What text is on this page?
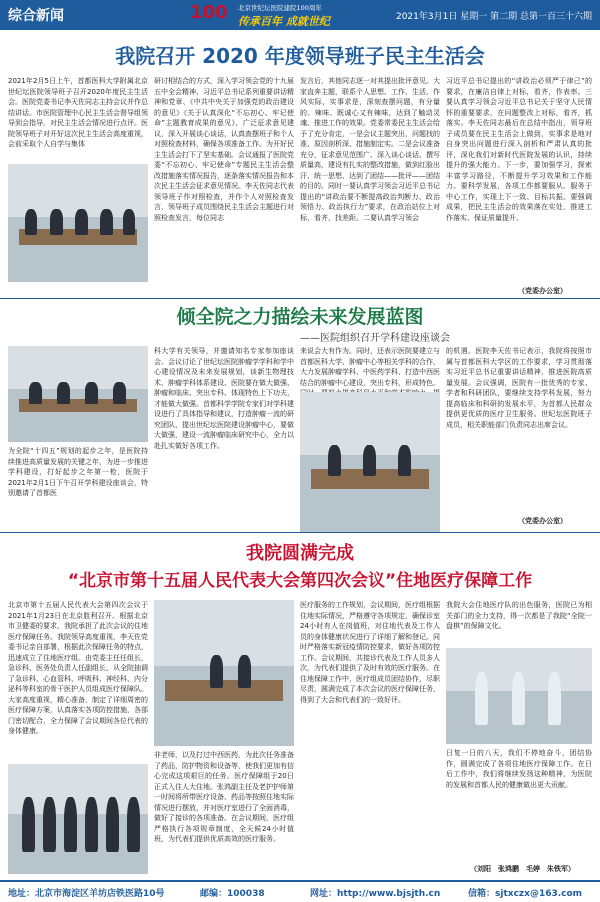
综合新闻	100	北京世纪坛医院建院100周年
传承百年 成就世纪	2021年3月1日 星期一 第二期 总第一百三十六期
我院召开 2020 年度领导班子民主生活会
2021年2月5日上午，首都医科大学附属北京世纪坛医院领导班子召开2020年度民主生活会。医院党委书记李天佐同志主持会议并作总结讲话。市医院管理中心民主生活会督导组领导到会指导，对民主生活会情况进行点评。医院领导班子对开好这次民主生活会高度重视，会前采取个人自学与集体
研讨相结合的方式，深入学习领会党的十九届五中全会精神、习近平总书记系列重要讲话精神和党章、《中共中央关于加强党的政治建设的意见》《关于认真深化“不忘初心、牢记使命”主题教育成果的意见》，广泛征求意见建议，深入开展谈心谈话，认真查摆班子和个人对照检查材料，确保各项准备工作。为开好民主生活会打下了坚实基础。会议通报了医院党委“不忘初心、牢记使命”专题民主生活会整改措施落实情况报告，逐条落实情况报告和本次民主生活会征求意见情况。李天佐同志代表领导班子作对照检查，并作个人对照检查发言，领导班子成员围绕民主生活会主题进行对照检查发言，每位同志
发言后，其他同志逐一对其提出批评意见。大家直奔主题，联系个人思想、工作、生活、作风实际，实事求是，深刻查摆问题，有分量的、辣味、既诚心又有辣味，达到了触动灵魂、推进工作的效果。党委常委民主生活会给予了充分肯定，一是会议主题突出，问题找的准、原因剖析深、措施制定实。二是会议准备充分，征求意见范围广、深入谈心谈话、撰写质量高，建设有扎实的整改措施，做到红脸出汗、统一思想、达到了团结——批评——团结的目的。同时一要认真学习领会习近平总书记提出的“讲政治要不断提高政治判断力、政治领悟力、政治执行力”要求，在政治站位上对标，看齐，找差距。二要认真学习领会
习近平总书记提出的“讲政治必须严于律己”的要求，在廉洁自律上对标，看齐，作表率。三要认真学习领会习近平总书记关于坚守人民情怀的重要要求，在问题整改上对标，看齐，抓落实。李天佐同志最后在总结中指出，领导班子成员要在民主生活会上做到，实事求是地对自身突出问题进行深入剖析和严肃认真的批评，深化我们对新时代医院发展的认识，持续提升的强大能力。下一步，要加强学习，探索丰富学习路径，不断提升学习效果和工作能力。要科学发展，各项工作都要服从、服务于中心工作，实现上下一致、目标共振。要强调成果，把民主生活会的效果落在实处，推进工作落实、保证质量提升。
（党委办公室）
倾全院之力描绘未来发展蓝图
——医院组织召开学科建设座谈会
为全院“十四五”规划的起步之年，是医院持续推进高质量发展的关键之年，为进一步推进学科建设，打好起步之年第一枪，医院于2021年2月1日下午召开学科建设座谈会，特别邀请了首都医
科大学有关领导，并邀请知名专家参加座谈会。会议讨论了世纪坛医院肿瘤学学科和学中心建设情况及未来发展规划，谈新生物理技术、肿瘤学科体系建设、医院要在做大做强、肿瘤和临床、突出专科、体现特色上下功夫，才能做大做强。首都科学学院专家们对学科建设进行了具体指导和建议，打造肿瘤一流的研究团队，提出世纪坛医院建设肿瘤中心，要做大做强，建设一流肿瘤临床研究中心，全力以赴扎实做好各项工作。
来说会大有作为。同时，还表示医院要建立与首都医科大学、肿瘤中心等相关学科的合作，大力发展肿瘤学科、中医药学科、打造中西医结合的肿瘤中心建设，突出专科，形成特色。
的机遇。医院李天佐书记表示，我院将按照市属与首都医科大学区的工作要求，学习贯彻落实习近平总书记重要讲话精神，推进医院高质量发展。会议强调，医院有一批优秀的专家、学者和科研团队，要继续支持学科发展，努力提高临床和科研的发展水平，为首都人民群众提供更优质的医疗卫生服务。世纪坛医院班子成员，相关职能部门负责同志出席会议。
（党委办公室）
我院圆满完成
“北京市第十五届人民代表大会第四次会议”住地医疗保障工作
北京市第十五届人民代表大会第四次会议于2021年1月23日在北京胜利召开。根据北京市卫健委的要求，我院承担了此次会议的住地医疗保障任务。我院领导高度重视，李天佐党委书记亲自部署，根据此次保障任务的特点，迅速成立了住地医疗组。由党委主任任组长，急诊科、医务处负责人任副组长，从全院抽调了急诊科、心血管科、呼吸科、神经科、内分泌科等科室的骨干医护人员组成医疗保障队。大家高度重视，精心准备，制定了详细周密的医疗保障方案，认真落实各项防控措施，各部门密切配合，全力保障了会议期间各位代表的身体健康。
非老师，以及打过中西医药，为此次任务准备了药品，防护物资和设备等，使我们更加有信心完成这项艰巨的任务。医疗保障组于20日正式入住人大住地。张鸿副主任及老护护师第一时间将所带医疗设备、药品等按照住地实际情况进行摆放，并对医疗室进行了全面消毒，做好了接诊的各项准备。在会议期间，医疗组严格执行各项规章制度，全天候24小时值班，为代表们提供优质高效的医疗服务。
医疗服务的工作规划，会议期间，医疗组根据住地实际情况，严格遵守各项规定，确保诊室24小时有人在岗值班，对住地代表及工作人员的身体健康状况进行了详细了解和登记。同时严格落实新冠疫情防控要求，做好各项防控工作。会议期间，共接诊代表及工作人员多人次，为代表们提供了及时有效的医疗服务。在住地保障工作中，医疗组成员团结协作，尽职尽责，圆满完成了本次会议的医疗保障任务，得到了大会和代表们的一致好评。
我院大会住地医疗队的出色服务，医院已为相关部门的全力支持，得一次都是了我院“全院一盘棋”的保障文化。
日复一日的八天，我们不停地奋斗，团结协作，圆满完成了各项住地医疗保障工作。在日后工作中，我们将继续发扬这种精神，为医院的发展和首都人民的健康做出更大贡献。
（刘阳　张鸿鹏　毛婷　朱铁军）
地址：北京市海淀区羊坊店铁医路10号	邮编：100038	网址：http://www.bjsjth.cn	信箱：sjtxczx@163.com
